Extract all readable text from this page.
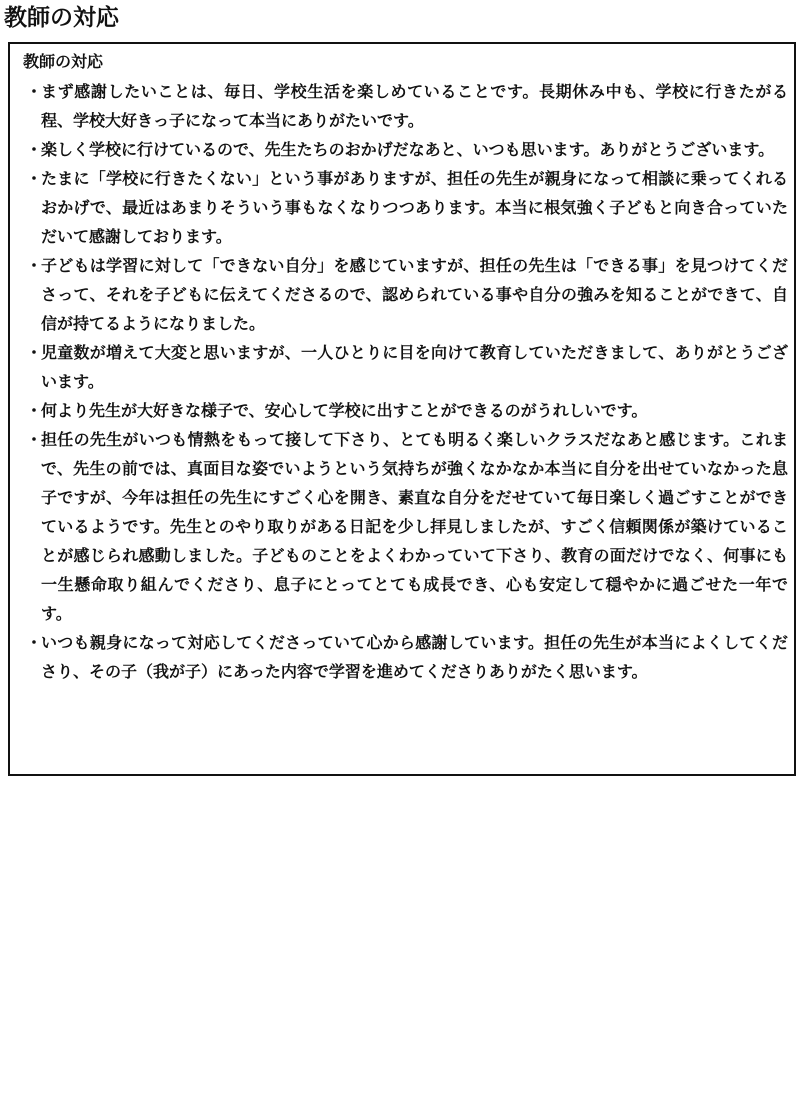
教師の対応
教師の対応
・
まず感謝したいことは、毎日、学校生活を楽しめていることです。長期休み中も、学校に行きたがる程、学校大好きっ子になって本当にありがたいです。
・
楽しく学校に行けているので、先生たちのおかげだなあと、いつも思います。ありがとうございます。
・
たまに「学校に行きたくない」という事がありますが、担任の先生が親身になって相談に乗ってくれるおかげで、最近はあまりそういう事もなくなりつつあります。本当に根気強く子どもと向き合っていただいて感謝しております。
・
子どもは学習に対して「できない自分」を感じていますが、担任の先生は「できる事」を見つけてくださって、それを子どもに伝えてくださるので、認められている事や自分の強みを知ることができて、自信が持てるようになりました。
・
児童数が増えて大変と思いますが、一人ひとりに目を向けて教育していただきまして、ありがとうございます。
・
何より先生が大好きな様子で、安心して学校に出すことができるのがうれしいです。
・
担任の先生がいつも情熱をもって接して下さり、とても明るく楽しいクラスだなあと感じます。これまで、先生の前では、真面目な姿でいようという気持ちが強くなかなか本当に自分を出せていなかった息子ですが、今年は担任の先生にすごく心を開き、素直な自分をだせていて毎日楽しく過ごすことができているようです。先生とのやり取りがある日記を少し拝見しましたが、すごく信頼関係が築けていることが感じられ感動しました。子どものことをよくわかっていて下さり、教育の面だけでなく、何事にも一生懸命取り組んでくださり、息子にとってとても成長でき、心も安定して穏やかに過ごせた一年です。
・
いつも親身になって対応してくださっていて心から感謝しています。担任の先生が本当によくしてくださり、その子（我が子）にあった内容で学習を進めてくださりありがたく思います。
